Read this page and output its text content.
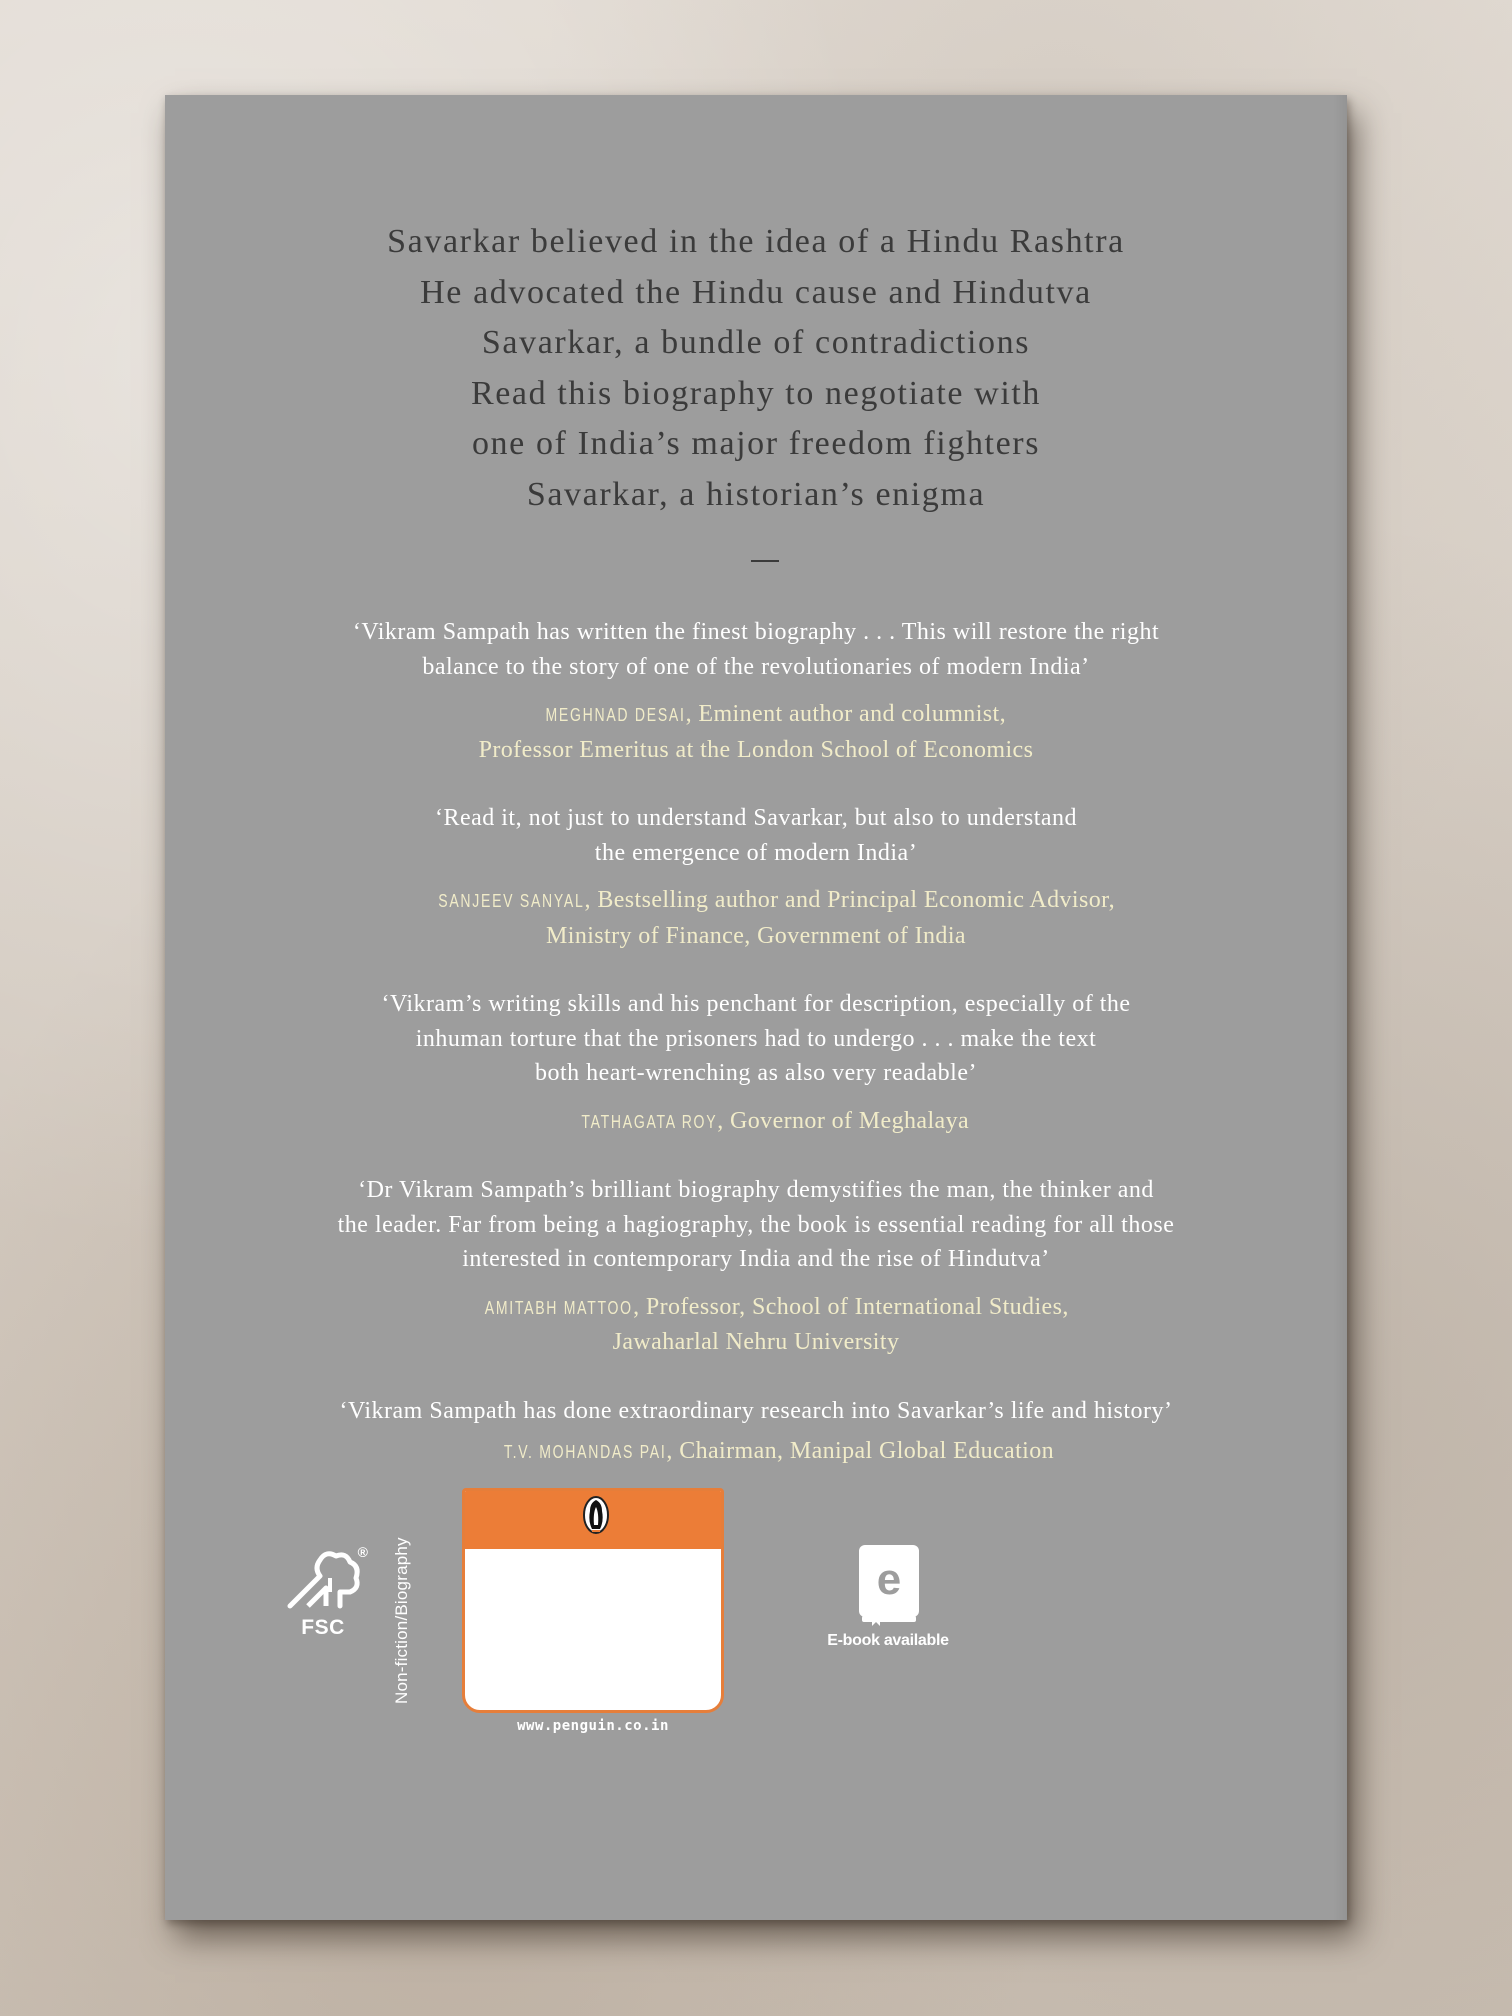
Savarkar believed in the idea of a Hindu Rashtra
He advocated the Hindu cause and Hindutva
Savarkar, a bundle of contradictions
Read this biography to negotiate with
one of India’s major freedom fighters
Savarkar, a historian’s enigma
‘Vikram Sampath has written the finest biography . . . This will restore the right
balance to the story of one of the revolutionaries of modern India’
MEGHNAD DESAI, Eminent author and columnist,
Professor Emeritus at the London School of Economics
‘Read it, not just to understand Savarkar, but also to understand
the emergence of modern India’
SANJEEV SANYAL, Bestselling author and Principal Economic Advisor,
Ministry of Finance, Government of India
‘Vikram’s writing skills and his penchant for description, especially of the
inhuman torture that the prisoners had to undergo . . . make the text
both heart-wrenching as also very readable’
TATHAGATA ROY, Governor of Meghalaya
‘Dr Vikram Sampath’s brilliant biography demystifies the man, the thinker and
the leader. Far from being a hagiography, the book is essential reading for all those
interested in contemporary India and the rise of Hindutva’
AMITABH MATTOO, Professor, School of International Studies,
Jawaharlal Nehru University
‘Vikram Sampath has done extraordinary research into Savarkar’s life and history’
T.V. MOHANDAS PAI, Chairman, Manipal Global Education
®
FSC	Non-fiction/Biography
www.penguin.co.in
e
E-book available
